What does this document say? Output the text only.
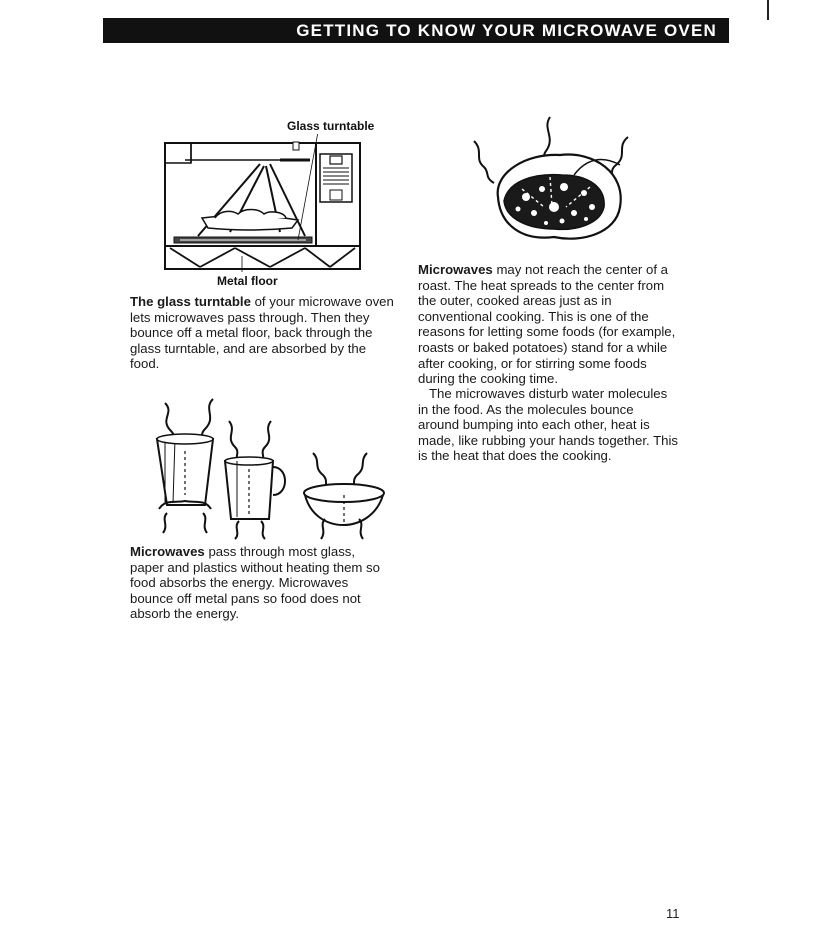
GETTING TO KNOW YOUR MICROWAVE OVEN
Glass turntable
Metal floor

The glass turntable of your microwave oven lets microwaves pass through. Then they bounce off a metal floor, back through the glass turntable, and are absorbed by the food.

Microwaves pass through most glass, paper and plastics without heating them so food absorbs the energy. Microwaves bounce off metal pans so food does not absorb the energy.

Microwaves may not reach the center of a roast. The heat spreads to the center from the outer, cooked areas just as in conventional cooking. This is one of the reasons for letting some foods (for example, roasts or baked potatoes) stand for a while after cooking, or for stirring some foods during the cooking time.

The microwaves disturb water molecules in the food. As the molecules bounce around bumping into each other, heat is made, like rubbing your hands together. This is the heat that does the cooking.

11
